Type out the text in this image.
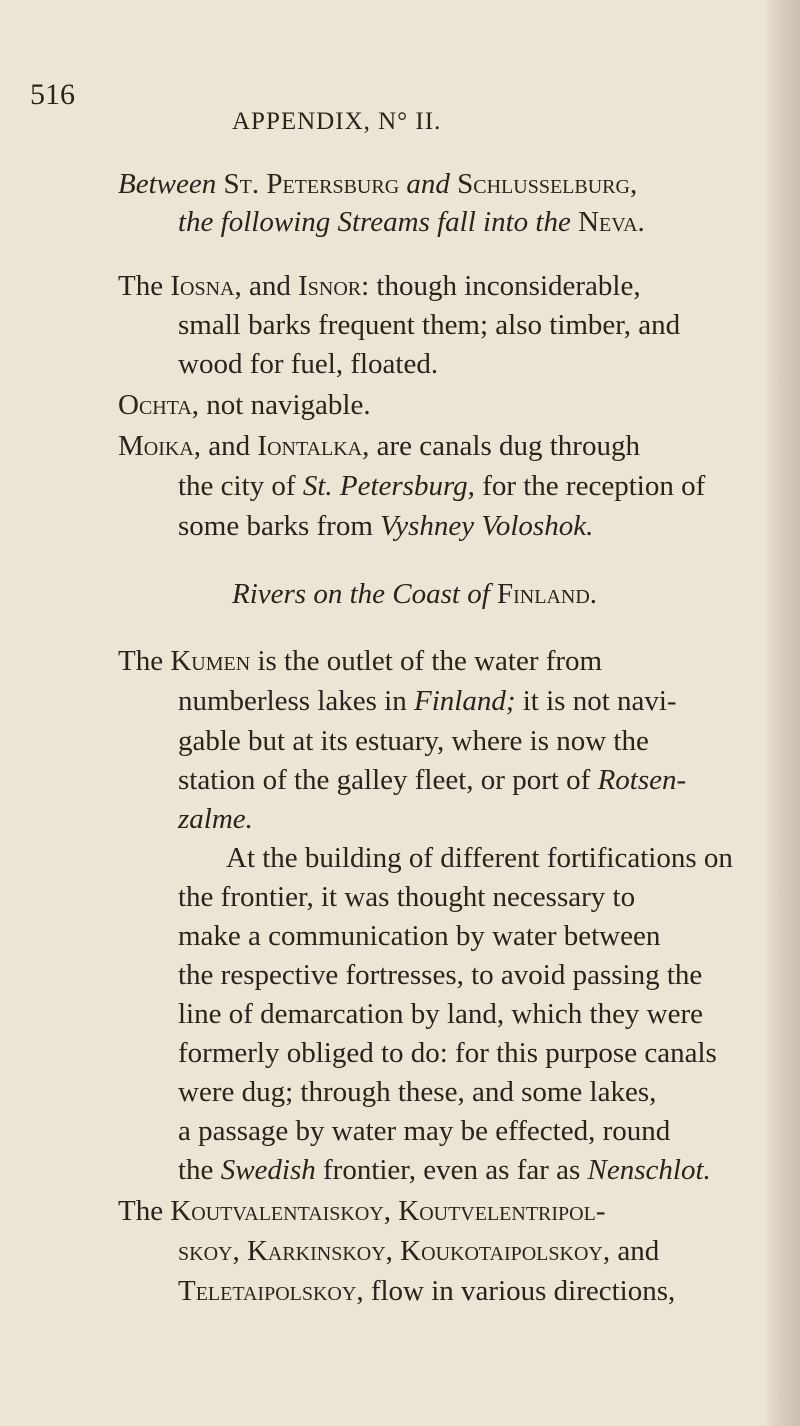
516
APPENDIX, N° II.
Between St. Petersburg and Schlusselburg,
the following Streams fall into the Neva.
The Iosna, and Isnor: though inconsiderable,
small barks frequent them; also timber, and
wood for fuel, floated.
Ochta, not navigable.
Moika, and Iontalka, are canals dug through
the city of St. Petersburg, for the reception of
some barks from Vyshney Voloshok.
Rivers on the Coast of Finland.
The Kumen is the outlet of the water from
numberless lakes in Finland; it is not navi-
gable but at its estuary, where is now the
station of the galley fleet, or port of Rotsen-
zalme.
At the building of different fortifications on
the frontier, it was thought necessary to
make a communication by water between
the respective fortresses, to avoid passing the
line of demarcation by land, which they were
formerly obliged to do: for this purpose canals
were dug; through these, and some lakes,
a passage by water may be effected, round
the Swedish frontier, even as far as Nenschlot.
The Koutvalentaiskoy, Koutvelentripol-
skoy, Karkinskoy, Koukotaipolskoy, and
Teletaipolskoy, flow in various directions,
